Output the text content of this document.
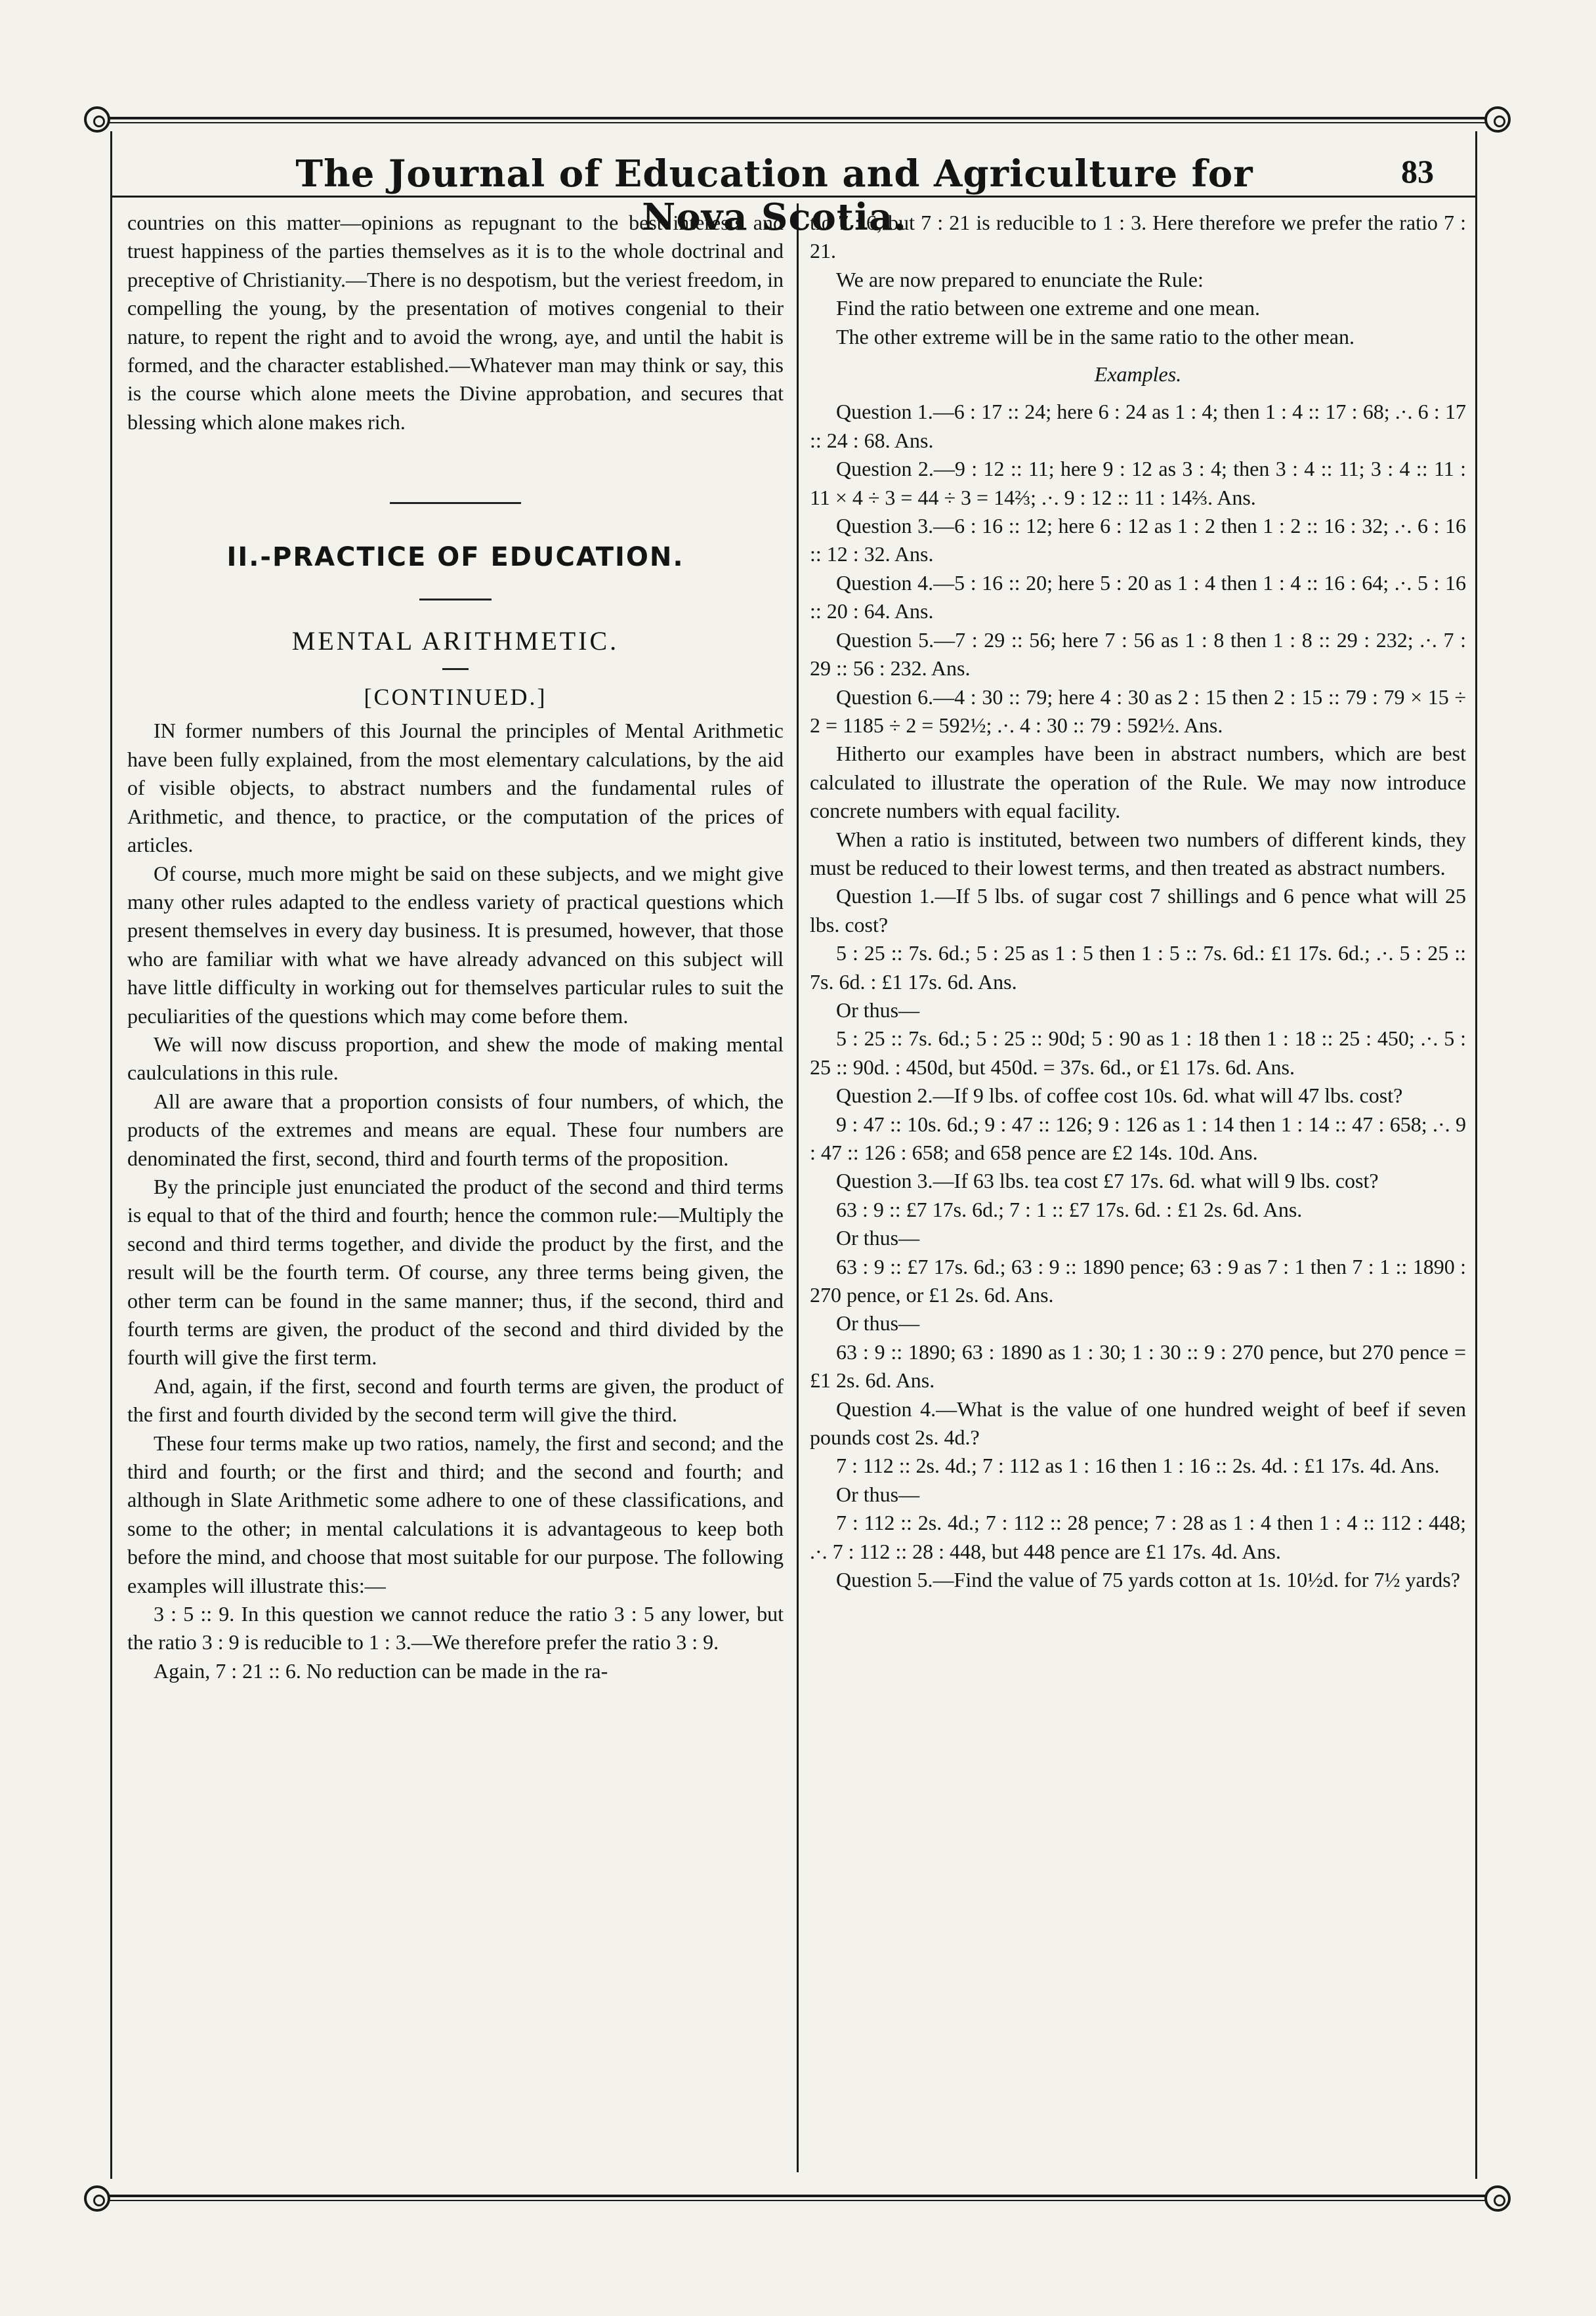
The Journal of Education and Agriculture for Nova Scotia.
83

countries on this matter—opinions as repugnant to the best interests and truest happiness of the parties themselves as it is to the whole doctrinal and preceptive of Christianity.—There is no despotism, but the veriest freedom, in compelling the young, by the presentation of motives congenial to their nature, to repent the right and to avoid the wrong, aye, and until the habit is formed, and the character established.—Whatever man may think or say, this is the course which alone meets the Divine approbation, and secures that blessing which alone makes rich.

II.-PRACTICE OF EDUCATION.

MENTAL ARITHMETIC.

[CONTINUED.]

IN former numbers of this Journal the principles of Mental Arithmetic have been fully explained, from the most elementary calculations, by the aid of visible objects, to abstract numbers and the fundamental rules of Arithmetic, and thence, to practice, or the computation of the prices of articles.

Of course, much more might be said on these subjects, and we might give many other rules adapted to the endless variety of practical questions which present themselves in every day business. It is presumed, however, that those who are familiar with what we have already advanced on this subject will have little difficulty in working out for themselves particular rules to suit the peculiarities of the questions which may come before them.

We will now discuss proportion, and shew the mode of making mental caulculations in this rule.

All are aware that a proportion consists of four numbers, of which, the products of the extremes and means are equal. These four numbers are denominated the first, second, third and fourth terms of the proposition.

By the principle just enunciated the product of the second and third terms is equal to that of the third and fourth; hence the common rule:—Multiply the second and third terms together, and divide the product by the first, and the result will be the fourth term. Of course, any three terms being given, the other term can be found in the same manner; thus, if the second, third and fourth terms are given, the product of the second and third divided by the fourth will give the first term.

And, again, if the first, second and fourth terms are given, the product of the first and fourth divided by the second term will give the third.

These four terms make up two ratios, namely, the first and second; and the third and fourth; or the first and third; and the second and fourth; and although in Slate Arithmetic some adhere to one of these classifications, and some to the other; in mental calculations it is advantageous to keep both before the mind, and choose that most suitable for our purpose. The following examples will illustrate this:—

3 : 5 :: 9. In this question we cannot reduce the ratio 3 : 5 any lower, but the ratio 3 : 9 is reducible to 1 : 3.—We therefore prefer the ratio 3 : 9.

Again, 7 : 21 :: 6. No reduction can be made in the ra-

tio 7 : 6, but 7 : 21 is reducible to 1 : 3. Here therefore we prefer the ratio 7 : 21.

We are now prepared to enunciate the Rule:

Find the ratio between one extreme and one mean.

The other extreme will be in the same ratio to the other mean.

Examples.

Question 1.—6 : 17 :: 24; here 6 : 24 as 1 : 4; then 1 : 4 :: 17 : 68; .·. 6 : 17 :: 24 : 68. Ans.

Question 2.—9 : 12 :: 11; here 9 : 12 as 3 : 4; then 3 : 4 :: 11; 3 : 4 :: 11 : 11 × 4 ÷ 3 = 44 ÷ 3 = 14⅔; .·. 9 : 12 :: 11 : 14⅔. Ans.

Question 3.—6 : 16 :: 12; here 6 : 12 as 1 : 2 then 1 : 2 :: 16 : 32; .·. 6 : 16 :: 12 : 32. Ans.

Question 4.—5 : 16 :: 20; here 5 : 20 as 1 : 4 then 1 : 4 :: 16 : 64; .·. 5 : 16 :: 20 : 64. Ans.

Question 5.—7 : 29 :: 56; here 7 : 56 as 1 : 8 then 1 : 8 :: 29 : 232; .·. 7 : 29 :: 56 : 232. Ans.

Question 6.—4 : 30 :: 79; here 4 : 30 as 2 : 15 then 2 : 15 :: 79 : 79 × 15 ÷ 2 = 1185 ÷ 2 = 592½; .·. 4 : 30 :: 79 : 592½. Ans.

Hitherto our examples have been in abstract numbers, which are best calculated to illustrate the operation of the Rule. We may now introduce concrete numbers with equal facility.

When a ratio is instituted, between two numbers of different kinds, they must be reduced to their lowest terms, and then treated as abstract numbers.

Question 1.—If 5 lbs. of sugar cost 7 shillings and 6 pence what will 25 lbs. cost?

5 : 25 :: 7s. 6d.; 5 : 25 as 1 : 5 then 1 : 5 :: 7s. 6d.: £1 17s. 6d.; .·. 5 : 25 :: 7s. 6d. : £1 17s. 6d. Ans.

Or thus—

5 : 25 :: 7s. 6d.; 5 : 25 :: 90d; 5 : 90 as 1 : 18 then 1 : 18 :: 25 : 450; .·. 5 : 25 :: 90d. : 450d, but 450d. = 37s. 6d., or £1 17s. 6d. Ans.

Question 2.—If 9 lbs. of coffee cost 10s. 6d. what will 47 lbs. cost?

9 : 47 :: 10s. 6d.; 9 : 47 :: 126; 9 : 126 as 1 : 14 then 1 : 14 :: 47 : 658; .·. 9 : 47 :: 126 : 658; and 658 pence are £2 14s. 10d. Ans.

Question 3.—If 63 lbs. tea cost £7 17s. 6d. what will 9 lbs. cost?

63 : 9 :: £7 17s. 6d.; 7 : 1 :: £7 17s. 6d. : £1 2s. 6d. Ans.

Or thus—

63 : 9 :: £7 17s. 6d.; 63 : 9 :: 1890 pence; 63 : 9 as 7 : 1 then 7 : 1 :: 1890 : 270 pence, or £1 2s. 6d. Ans.

Or thus—

63 : 9 :: 1890; 63 : 1890 as 1 : 30; 1 : 30 :: 9 : 270 pence, but 270 pence = £1 2s. 6d. Ans.

Question 4.—What is the value of one hundred weight of beef if seven pounds cost 2s. 4d.?

7 : 112 :: 2s. 4d.; 7 : 112 as 1 : 16 then 1 : 16 :: 2s. 4d. : £1 17s. 4d. Ans.

Or thus—

7 : 112 :: 2s. 4d.; 7 : 112 :: 28 pence; 7 : 28 as 1 : 4 then 1 : 4 :: 112 : 448; .·. 7 : 112 :: 28 : 448, but 448 pence are £1 17s. 4d. Ans.

Question 5.—Find the value of 75 yards cotton at 1s. 10½d. for 7½ yards?
